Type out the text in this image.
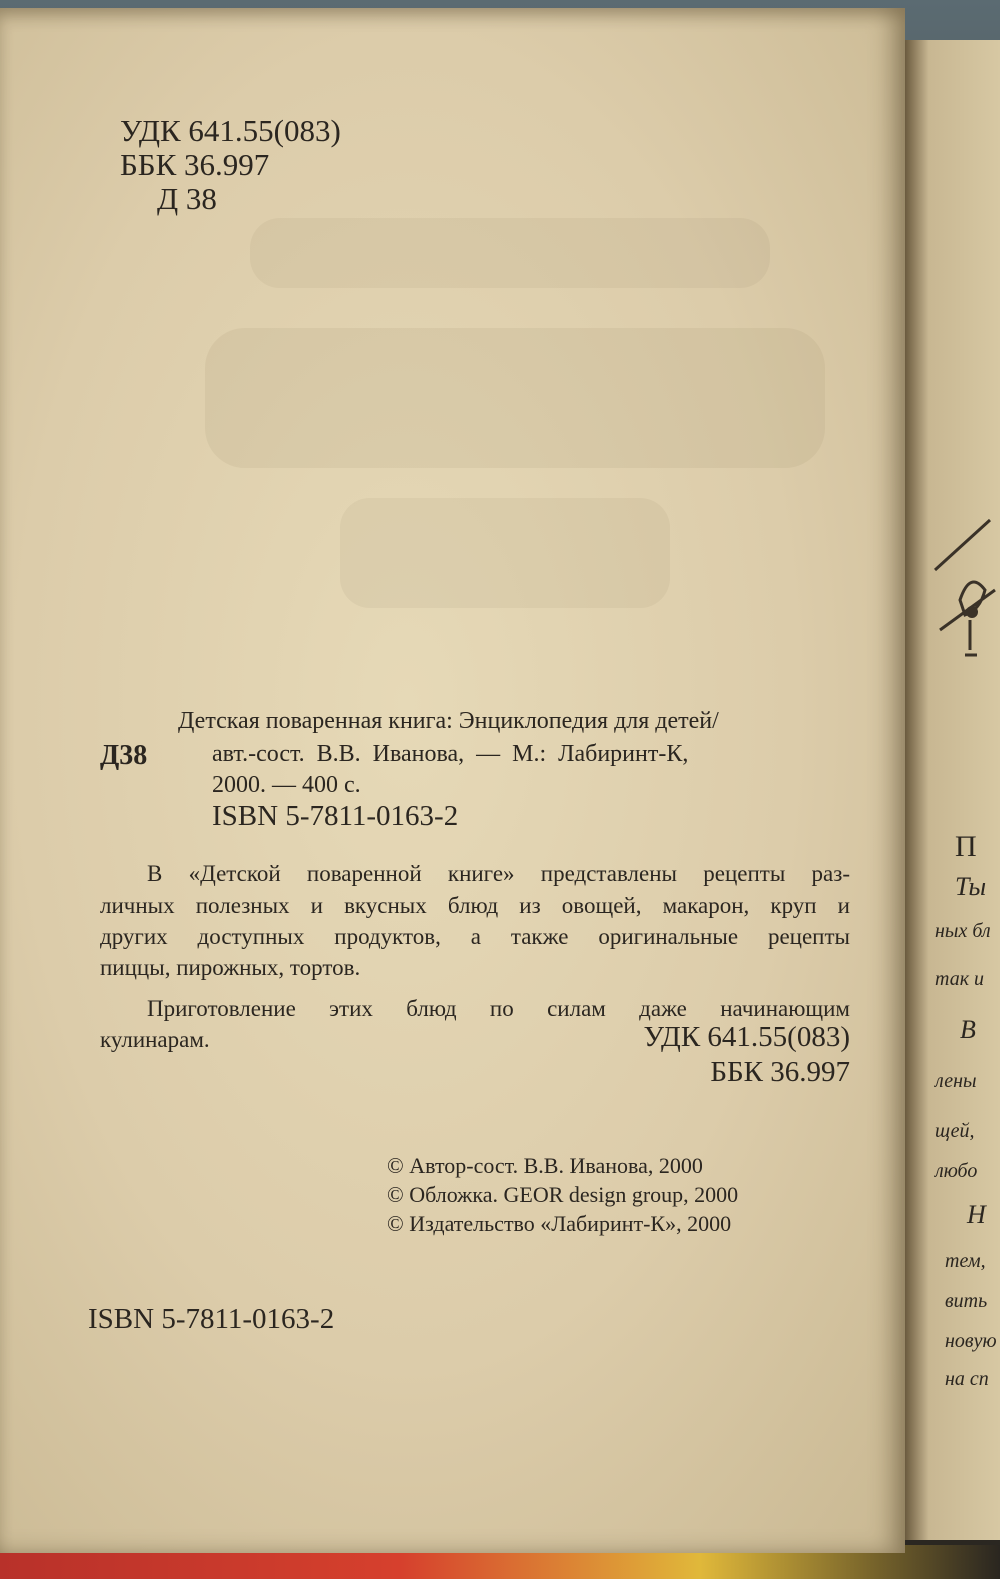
П
Ты
ных бл
так и
В
лены
щей,
любо
Н
тем,
вить
новую
на сп
УДК 641.55(083)
ББК 36.997
Д 38
Д38
Детская поваренная книга: Энциклопедия для детей/
авт.-сост. В.В. Иванова, — М.: Лабиринт-К,
2000. — 400 с.
ISBN 5-7811-0163-2
В «Детской поваренной книге» представлены рецепты раз-
личных полезных и вкусных блюд из овощей, макарон, круп и
других доступных продуктов, а также оригинальные рецепты
пиццы, пирожных, тортов.
Приготовление этих блюд по силам даже начинающим
кулинарам.	УДК 641.55(083)
ББК 36.997
© Автор-сост. В.В. Иванова, 2000
© Обложка. GEOR design group, 2000
© Издательство «Лабиринт-К», 2000
ISBN 5-7811-0163-2
